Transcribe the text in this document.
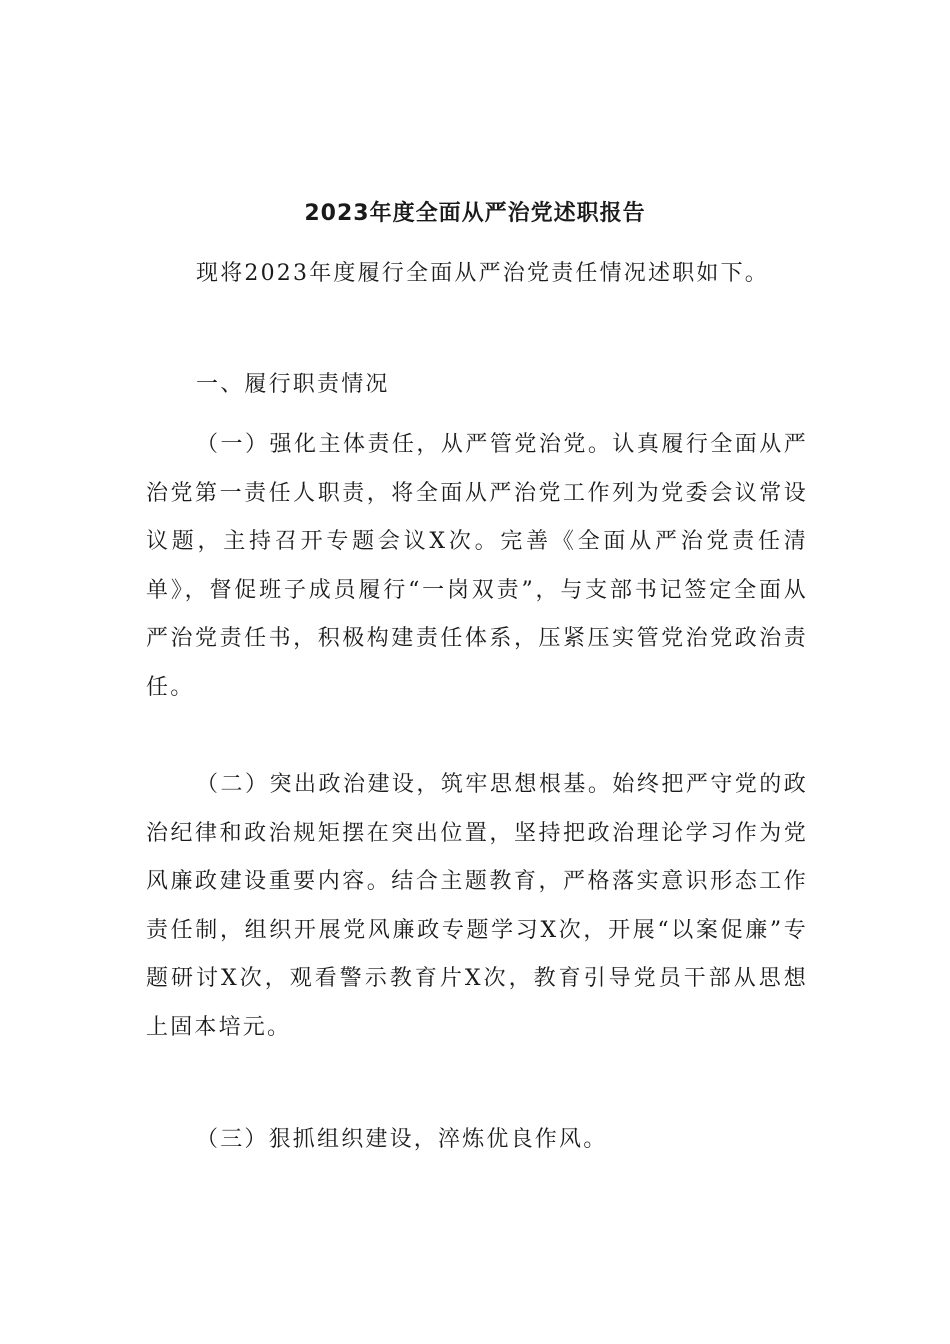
2023年度全面从严治党述职报告

现将2023年度履行全面从严治党责任情况述职如下。

一、履行职责情况

（一）强化主体责任，从严管党治党。认真履行全面从严治党第一责任人职责，将全面从严治党工作列为党委会议常设议题，主持召开专题会议X次。完善《全面从严治党责任清单》，督促班子成员履行“一岗双责”，与支部书记签定全面从严治党责任书，积极构建责任体系，压紧压实管党治党政治责任。

（二）突出政治建设，筑牢思想根基。始终把严守党的政治纪律和政治规矩摆在突出位置，坚持把政治理论学习作为党风廉政建设重要内容。结合主题教育，严格落实意识形态工作责任制，组织开展党风廉政专题学习X次，开展“以案促廉”专题研讨X次，观看警示教育片X次，教育引导党员干部从思想上固本培元。

（三）狠抓组织建设，淬炼优良作风。
